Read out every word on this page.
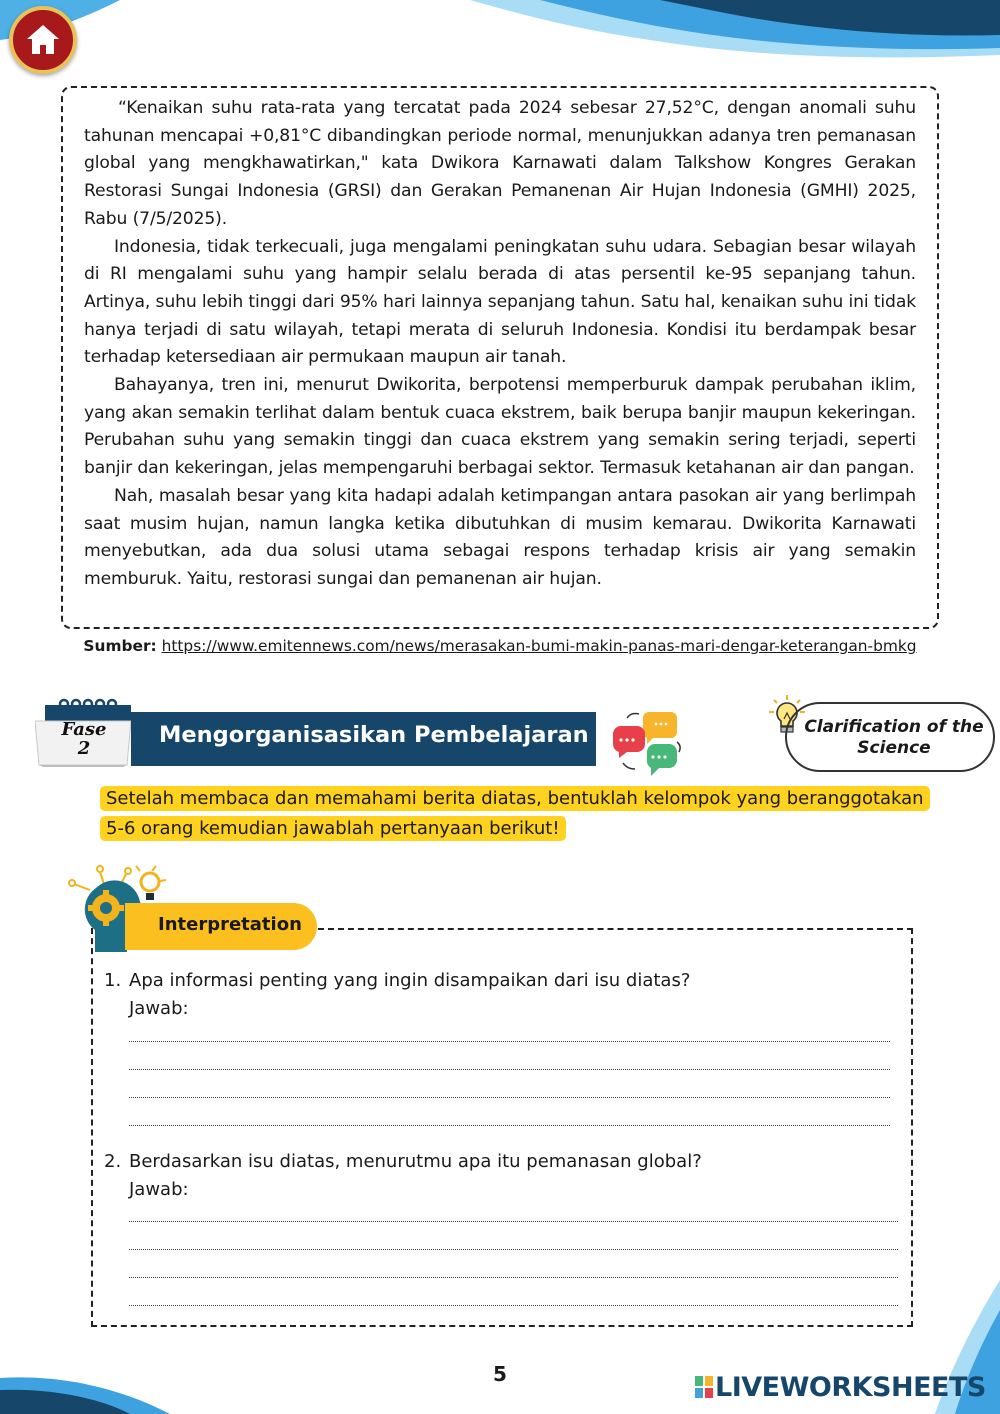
“Kenaikan suhu rata-rata yang tercatat pada 2024 sebesar 27,52°C, dengan anomali suhu tahunan mencapai +0,81°C dibandingkan periode normal, menunjukkan adanya tren pemanasan global yang mengkhawatirkan," kata Dwikora Karnawati dalam Talkshow Kongres Gerakan Restorasi Sungai Indonesia (GRSI) dan Gerakan Pemanenan Air Hujan Indonesia (GMHI) 2025, Rabu (7/5/2025).

Indonesia, tidak terkecuali, juga mengalami peningkatan suhu udara. Sebagian besar wilayah di RI mengalami suhu yang hampir selalu berada di atas persentil ke-95 sepanjang tahun. Artinya, suhu lebih tinggi dari 95% hari lainnya sepanjang tahun. Satu hal, kenaikan suhu ini tidak hanya terjadi di satu wilayah, tetapi merata di seluruh Indonesia. Kondisi itu berdampak besar terhadap ketersediaan air permukaan maupun air tanah.

Bahayanya, tren ini, menurut Dwikorita, berpotensi memperburuk dampak perubahan iklim, yang akan semakin terlihat dalam bentuk cuaca ekstrem, baik berupa banjir maupun kekeringan. Perubahan suhu yang semakin tinggi dan cuaca ekstrem yang semakin sering terjadi, seperti banjir dan kekeringan, jelas mempengaruhi berbagai sektor. Termasuk ketahanan air dan pangan.

Nah, masalah besar yang kita hadapi adalah ketimpangan antara pasokan air yang berlimpah saat musim hujan, namun langka ketika dibutuhkan di musim kemarau. Dwikorita Karnawati menyebutkan, ada dua solusi utama sebagai respons terhadap krisis air yang semakin memburuk. Yaitu, restorasi sungai dan pemanenan air hujan.

Sumber: https://www.emitennews.com/news/merasakan-bumi-makin-panas-mari-dengar-keterangan-bmkg
Fase
2
Mengorganisasikan Pembelajaran	Clarification of the Science
Setelah membaca dan memahami berita diatas, bentuklah kelompok yang beranggotakan 5-6 orang kemudian jawablah pertanyaan berikut!
Interpretation
1. Apa informasi penting yang ingin disampaikan dari isu diatas?
Jawab:
2. Berdasarkan isu diatas, menurutmu apa itu pemanasan global?
Jawab:
5	LIVEWORKSHEETS
